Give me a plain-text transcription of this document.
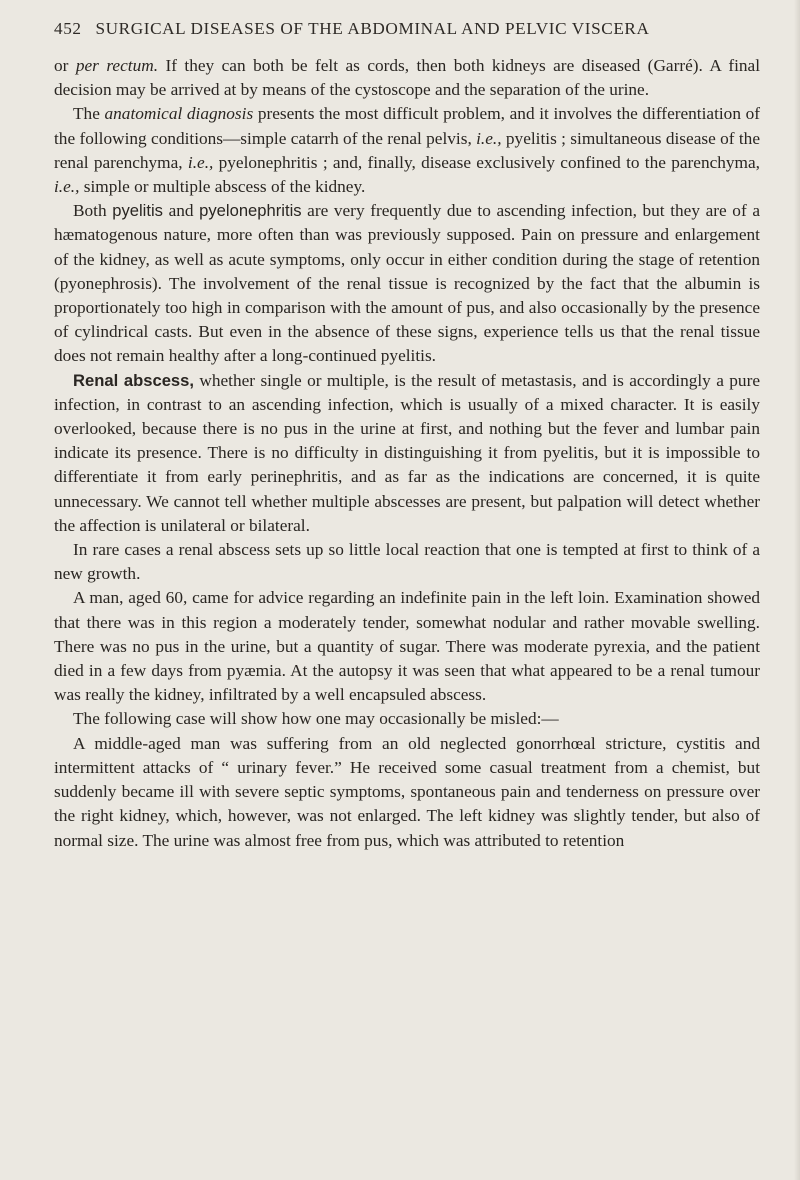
452 SURGICAL DISEASES OF THE ABDOMINAL AND PELVIC VISCERA

or per rectum. If they can both be felt as cords, then both kidneys are diseased (Garré). A final decision may be arrived at by means of the cystoscope and the separation of the urine.

The anatomical diagnosis presents the most difficult problem, and it involves the differentiation of the following conditions—simple catarrh of the renal pelvis, i.e., pyelitis ; simultaneous disease of the renal parenchyma, i.e., pyelonephritis ; and, finally, disease exclusively confined to the parenchyma, i.e., simple or multiple abscess of the kidney.

Both pyelitis and pyelonephritis are very frequently due to ascending infection, but they are of a hæmatogenous nature, more often than was previously supposed. Pain on pressure and enlargement of the kidney, as well as acute symptoms, only occur in either condition during the stage of retention (pyonephrosis). The involvement of the renal tissue is recognized by the fact that the albumin is proportionately too high in comparison with the amount of pus, and also occasionally by the presence of cylindrical casts. But even in the absence of these signs, experience tells us that the renal tissue does not remain healthy after a long-continued pyelitis.

Renal abscess, whether single or multiple, is the result of metastasis, and is accordingly a pure infection, in contrast to an ascending infection, which is usually of a mixed character. It is easily overlooked, because there is no pus in the urine at first, and nothing but the fever and lumbar pain indicate its presence. There is no difficulty in distinguishing it from pyelitis, but it is impossible to differentiate it from early perinephritis, and as far as the indications are concerned, it is quite unnecessary. We cannot tell whether multiple abscesses are present, but palpation will detect whether the affection is unilateral or bilateral.

In rare cases a renal abscess sets up so little local reaction that one is tempted at first to think of a new growth.

A man, aged 60, came for advice regarding an indefinite pain in the left loin. Examination showed that there was in this region a moderately tender, somewhat nodular and rather movable swelling. There was no pus in the urine, but a quantity of sugar. There was moderate pyrexia, and the patient died in a few days from pyæmia. At the autopsy it was seen that what appeared to be a renal tumour was really the kidney, infiltrated by a well encapsuled abscess.

The following case will show how one may occasionally be misled:—

A middle-aged man was suffering from an old neglected gonorrhœal stricture, cystitis and intermittent attacks of “ urinary fever.” He received some casual treatment from a chemist, but suddenly became ill with severe septic symptoms, spontaneous pain and tenderness on pressure over the right kidney, which, however, was not enlarged. The left kidney was slightly tender, but also of normal size. The urine was almost free from pus, which was attributed to retention
